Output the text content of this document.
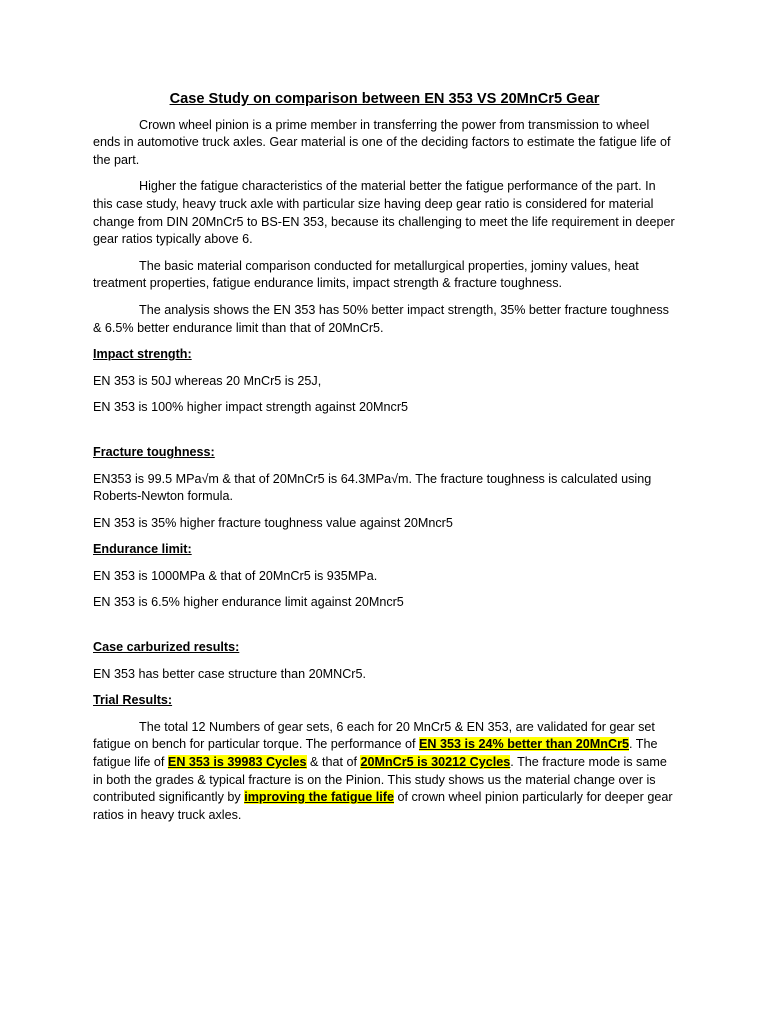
Case Study on comparison between EN 353 VS 20MnCr5 Gear

Crown wheel pinion is a prime member in transferring the power from transmission to wheel ends in automotive truck axles. Gear material is one of the deciding factors to estimate the fatigue life of the part.

Higher the fatigue characteristics of the material better the fatigue performance of the part. In this case study, heavy truck axle with particular size having deep gear ratio is considered for material change from DIN 20MnCr5 to BS-EN 353, because its challenging to meet the life requirement in deeper gear ratios typically above 6.

The basic material comparison conducted for metallurgical properties, jominy values, heat treatment properties, fatigue endurance limits, impact strength & fracture toughness.

The analysis shows the EN 353 has 50% better impact strength, 35% better fracture toughness & 6.5% better endurance limit than that of 20MnCr5.

Impact strength:

EN 353 is 50J whereas 20 MnCr5 is 25J,

EN 353 is 100% higher impact strength against 20Mncr5

Fracture toughness:

EN353 is 99.5 MPa√m & that of 20MnCr5 is 64.3MPa√m. The fracture toughness is calculated using Roberts-Newton formula.

EN 353 is 35% higher fracture toughness value against 20Mncr5

Endurance limit:

EN 353 is 1000MPa & that of 20MnCr5 is 935MPa.

EN 353 is 6.5% higher endurance limit against 20Mncr5

Case carburized results:

EN 353 has better case structure than 20MNCr5.

Trial Results:

The total 12 Numbers of gear sets, 6 each for 20 MnCr5 & EN 353, are validated for gear set fatigue on bench for particular torque. The performance of EN 353 is 24% better than 20MnCr5. The fatigue life of EN 353 is 39983 Cycles & that of 20MnCr5 is 30212 Cycles. The fracture mode is same in both the grades & typical fracture is on the Pinion. This study shows us the material change over is contributed significantly by improving the fatigue life of crown wheel pinion particularly for deeper gear ratios in heavy truck axles.
